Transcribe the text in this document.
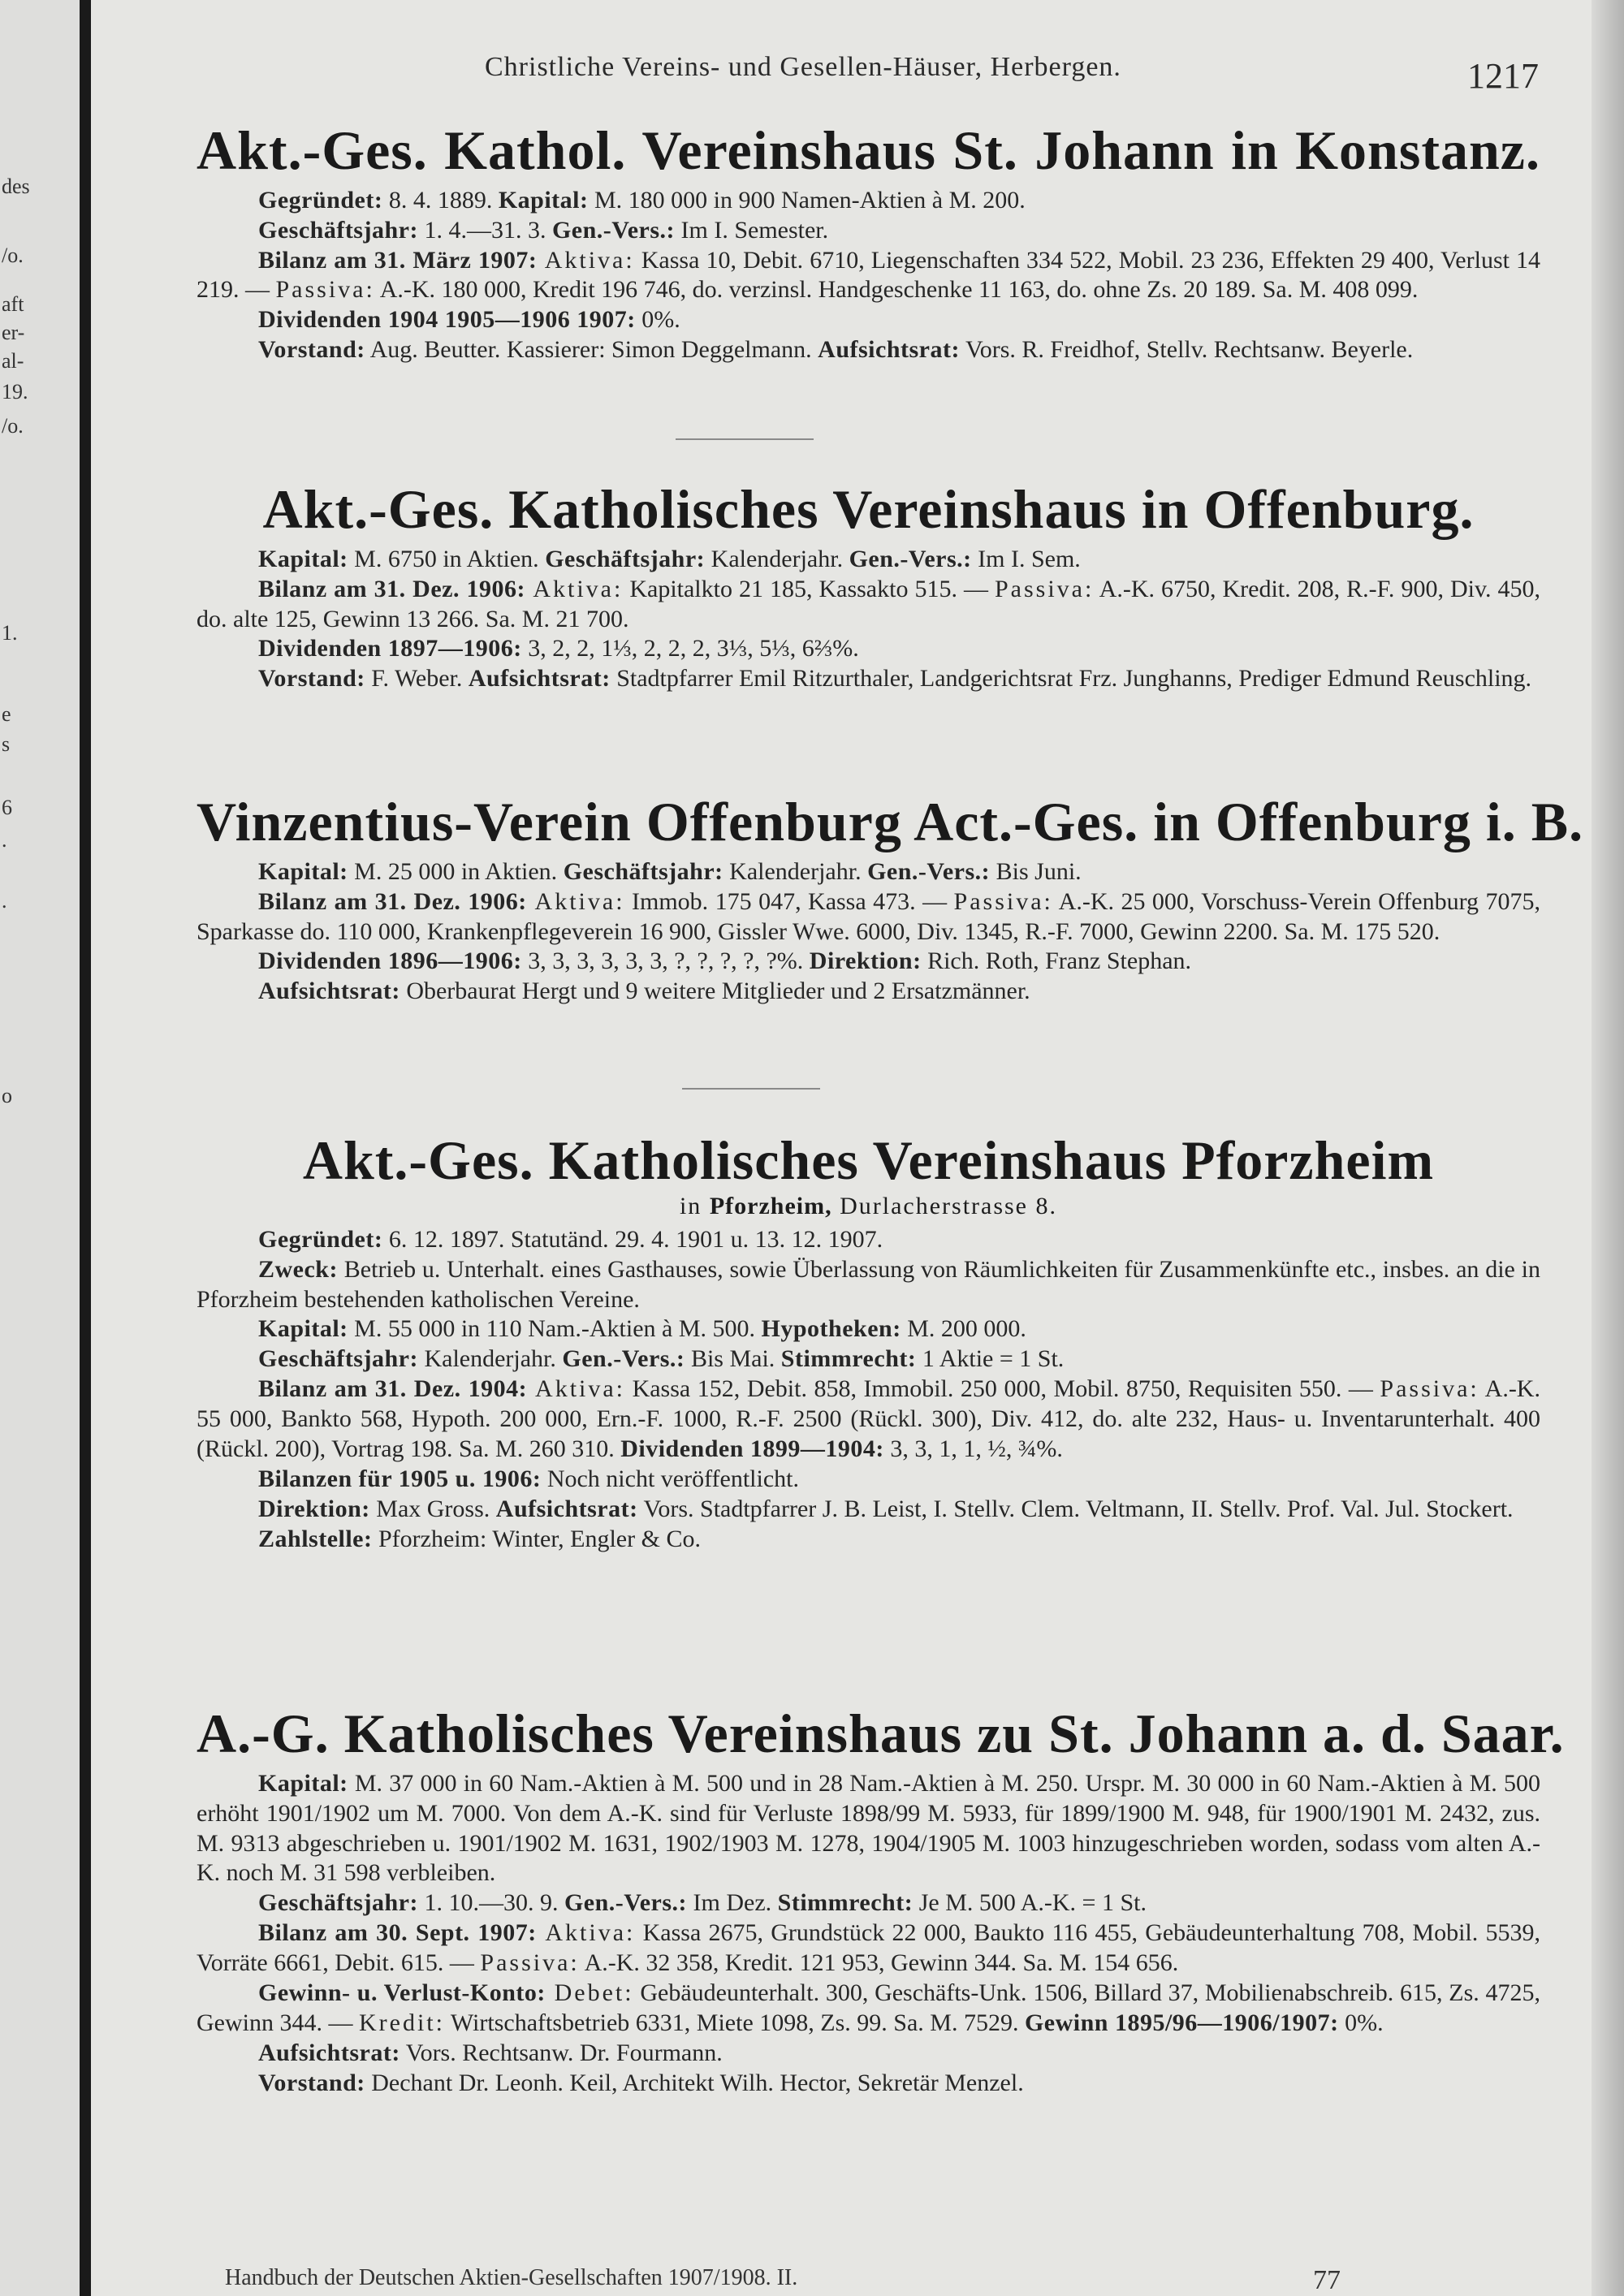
des
/o.
aft
er-
al-
19.
/o.
1.
e
s
6
.
.
o
Christliche Vereins- und Gesellen-Häuser, Herbergen.	1217
Akt.-Ges. Kathol. Vereinshaus St. Johann in Konstanz.

Gegründet: 8. 4. 1889. Kapital: M. 180 000 in 900 Namen-Aktien à M. 200.

Geschäftsjahr: 1. 4.—31. 3. Gen.-Vers.: Im I. Semester.

Bilanz am 31. März 1907: Aktiva: Kassa 10, Debit. 6710, Liegenschaften 334 522, Mobil. 23 236, Effekten 29 400, Verlust 14 219. — Passiva: A.-K. 180 000, Kredit 196 746, do. verzinsl. Handgeschenke 11 163, do. ohne Zs. 20 189. Sa. M. 408 099.

Dividenden 1904 1905—1906 1907: 0%.

Vorstand: Aug. Beutter. Kassierer: Simon Deggelmann. Aufsichtsrat: Vors. R. Freidhof, Stellv. Rechtsanw. Beyerle.

Akt.-Ges. Katholisches Vereinshaus in Offenburg.

Kapital: M. 6750 in Aktien. Geschäftsjahr: Kalenderjahr. Gen.-Vers.: Im I. Sem.

Bilanz am 31. Dez. 1906: Aktiva: Kapitalkto 21 185, Kassakto 515. — Passiva: A.-K. 6750, Kredit. 208, R.-F. 900, Div. 450, do. alte 125, Gewinn 13 266. Sa. M. 21 700.

Dividenden 1897—1906: 3, 2, 2, 1⅓, 2, 2, 2, 3⅓, 5⅓, 6⅔%.

Vorstand: F. Weber. Aufsichtsrat: Stadtpfarrer Emil Ritzurthaler, Landgerichtsrat Frz. Junghanns, Prediger Edmund Reuschling.

Vinzentius-Verein Offenburg Act.-Ges. in Offenburg i. B.

Kapital: M. 25 000 in Aktien. Geschäftsjahr: Kalenderjahr. Gen.-Vers.: Bis Juni.

Bilanz am 31. Dez. 1906: Aktiva: Immob. 175 047, Kassa 473. — Passiva: A.-K. 25 000, Vorschuss-Verein Offenburg 7075, Sparkasse do. 110 000, Krankenpflegeverein 16 900, Gissler Wwe. 6000, Div. 1345, R.-F. 7000, Gewinn 2200. Sa. M. 175 520.

Dividenden 1896—1906: 3, 3, 3, 3, 3, 3, ?, ?, ?, ?, ?%. Direktion: Rich. Roth, Franz Stephan.

Aufsichtsrat: Oberbaurat Hergt und 9 weitere Mitglieder und 2 Ersatzmänner.

Akt.-Ges. Katholisches Vereinshaus Pforzheim
in Pforzheim, Durlacherstrasse 8.

Gegründet: 6. 12. 1897. Statutänd. 29. 4. 1901 u. 13. 12. 1907.

Zweck: Betrieb u. Unterhalt. eines Gasthauses, sowie Überlassung von Räumlichkeiten für Zusammenkünfte etc., insbes. an die in Pforzheim bestehenden katholischen Vereine.

Kapital: M. 55 000 in 110 Nam.-Aktien à M. 500. Hypotheken: M. 200 000.

Geschäftsjahr: Kalenderjahr. Gen.-Vers.: Bis Mai. Stimmrecht: 1 Aktie = 1 St.

Bilanz am 31. Dez. 1904: Aktiva: Kassa 152, Debit. 858, Immobil. 250 000, Mobil. 8750, Requisiten 550. — Passiva: A.-K. 55 000, Bankto 568, Hypoth. 200 000, Ern.-F. 1000, R.-F. 2500 (Rückl. 300), Div. 412, do. alte 232, Haus- u. Inventarunterhalt. 400 (Rückl. 200), Vortrag 198. Sa. M. 260 310. Dividenden 1899—1904: 3, 3, 1, 1, ½, ¾%.

Bilanzen für 1905 u. 1906: Noch nicht veröffentlicht.

Direktion: Max Gross. Aufsichtsrat: Vors. Stadtpfarrer J. B. Leist, I. Stellv. Clem. Veltmann, II. Stellv. Prof. Val. Jul. Stockert.

Zahlstelle: Pforzheim: Winter, Engler & Co.

A.-G. Katholisches Vereinshaus zu St. Johann a. d. Saar.

Kapital: M. 37 000 in 60 Nam.-Aktien à M. 500 und in 28 Nam.-Aktien à M. 250. Urspr. M. 30 000 in 60 Nam.-Aktien à M. 500 erhöht 1901/1902 um M. 7000. Von dem A.-K. sind für Verluste 1898/99 M. 5933, für 1899/1900 M. 948, für 1900/1901 M. 2432, zus. M. 9313 abgeschrieben u. 1901/1902 M. 1631, 1902/1903 M. 1278, 1904/1905 M. 1003 hinzugeschrieben worden, sodass vom alten A.-K. noch M. 31 598 verbleiben.

Geschäftsjahr: 1. 10.—30. 9. Gen.-Vers.: Im Dez. Stimmrecht: Je M. 500 A.-K. = 1 St.

Bilanz am 30. Sept. 1907: Aktiva: Kassa 2675, Grundstück 22 000, Baukto 116 455, Gebäudeunterhaltung 708, Mobil. 5539, Vorräte 6661, Debit. 615. — Passiva: A.-K. 32 358, Kredit. 121 953, Gewinn 344. Sa. M. 154 656.

Gewinn- u. Verlust-Konto: Debet: Gebäudeunterhalt. 300, Geschäfts-Unk. 1506, Billard 37, Mobilienabschreib. 615, Zs. 4725, Gewinn 344. — Kredit: Wirtschaftsbetrieb 6331, Miete 1098, Zs. 99. Sa. M. 7529. Gewinn 1895/96—1906/1907: 0%.

Aufsichtsrat: Vors. Rechtsanw. Dr. Fourmann.

Vorstand: Dechant Dr. Leonh. Keil, Architekt Wilh. Hector, Sekretär Menzel.

Handbuch der Deutschen Aktien-Gesellschaften 1907/1908. II.	77
